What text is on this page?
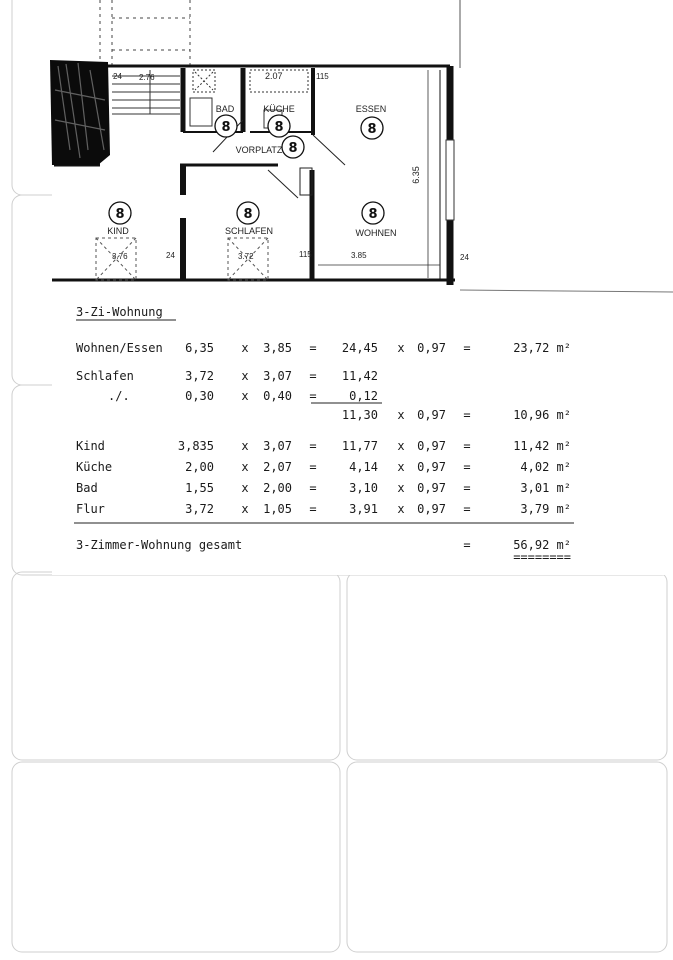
8	8	8
8
8	8	8
BAD	KÜCHE	ESSEN
VORPLATZ
KIND	SCHLAFEN	WOHNEN
24 2.76	2.07	115
6.35
3.76	24	3.72	115	3.85	24
3-Zi-Wohnung
Wohnen/Essen 6,35 x 3,85 = 24,45 x 0,97 =	23,72 m²
Schlafen	3,72 x 3,07 = 11,42
./.	0,30 x 0,40 =	0,12
11,30 x 0,97 =	10,96 m²
Kind	3,835 x 3,07 = 11,77 x 0,97 =	11,42 m²
Küche	2,00 x 2,07 =	4,14 x 0,97 =	4,02 m²
Bad	1,55 x 2,00 =	3,10 x 0,97 =	3,01 m²
Flur	3,72 x 1,05 =	3,91 x 0,97 =	3,79 m²
3-Zimmer-Wohnung gesamt	=	56,92 m²
========
